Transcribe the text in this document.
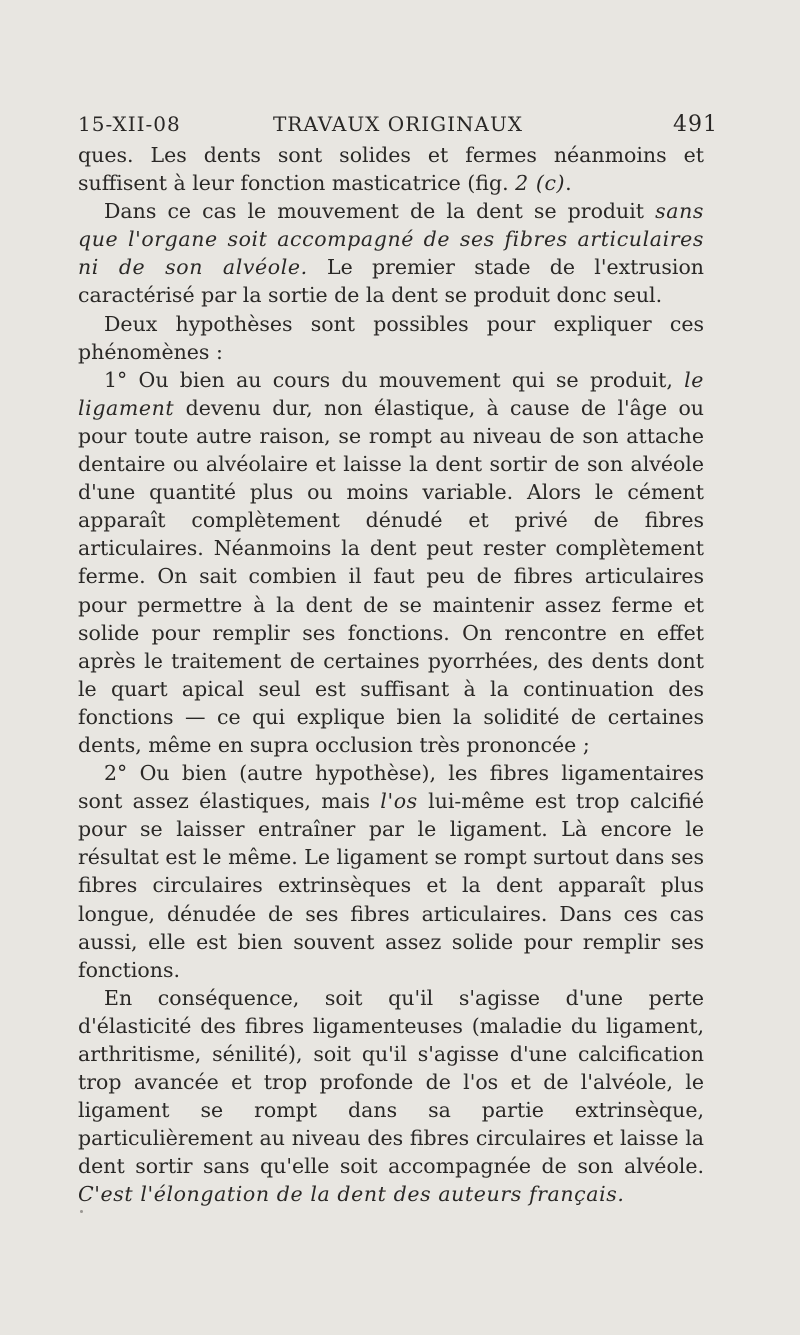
15-XII-08	TRAVAUX ORIGINAUX	491

ques. Les dents sont solides et fermes néanmoins et suffisent à leur fonction masticatrice (fig. 2 (c).

Dans ce cas le mouvement de la dent se produit sans que l'organe soit accompagné de ses fibres articulaires ni de son alvéole. Le premier stade de l'extrusion caractérisé par la sortie de la dent se produit donc seul.

Deux hypothèses sont possibles pour expliquer ces phénomènes :

1° Ou bien au cours du mouvement qui se produit, le ligament devenu dur, non élastique, à cause de l'âge ou pour toute autre raison, se rompt au niveau de son attache dentaire ou alvéolaire et laisse la dent sortir de son alvéole d'une quantité plus ou moins variable. Alors le cément apparaît complètement dénudé et privé de fibres articulaires. Néanmoins la dent peut rester complètement ferme. On sait combien il faut peu de fibres articulaires pour permettre à la dent de se maintenir assez ferme et solide pour remplir ses fonctions. On rencontre en effet après le traitement de certaines pyorrhées, des dents dont le quart apical seul est suffisant à la continuation des fonctions — ce qui explique bien la solidité de certaines dents, même en supra occlusion très prononcée ;

2° Ou bien (autre hypothèse), les fibres ligamentaires sont assez élastiques, mais l'os lui-même est trop calcifié pour se laisser entraîner par le ligament. Là encore le résultat est le même. Le ligament se rompt surtout dans ses fibres circulaires extrinsèques et la dent apparaît plus longue, dénudée de ses fibres articulaires. Dans ces cas aussi, elle est bien souvent assez solide pour remplir ses fonctions.

En conséquence, soit qu'il s'agisse d'une perte d'élasticité des fibres ligamenteuses (maladie du ligament, arthritisme, sénilité), soit qu'il s'agisse d'une calcification trop avancée et trop profonde de l'os et de l'alvéole, le ligament se rompt dans sa partie extrinsèque, particulièrement au niveau des fibres circulaires et laisse la dent sortir sans qu'elle soit accompagnée de son alvéole. C'est l'élongation de la dent des auteurs français.
